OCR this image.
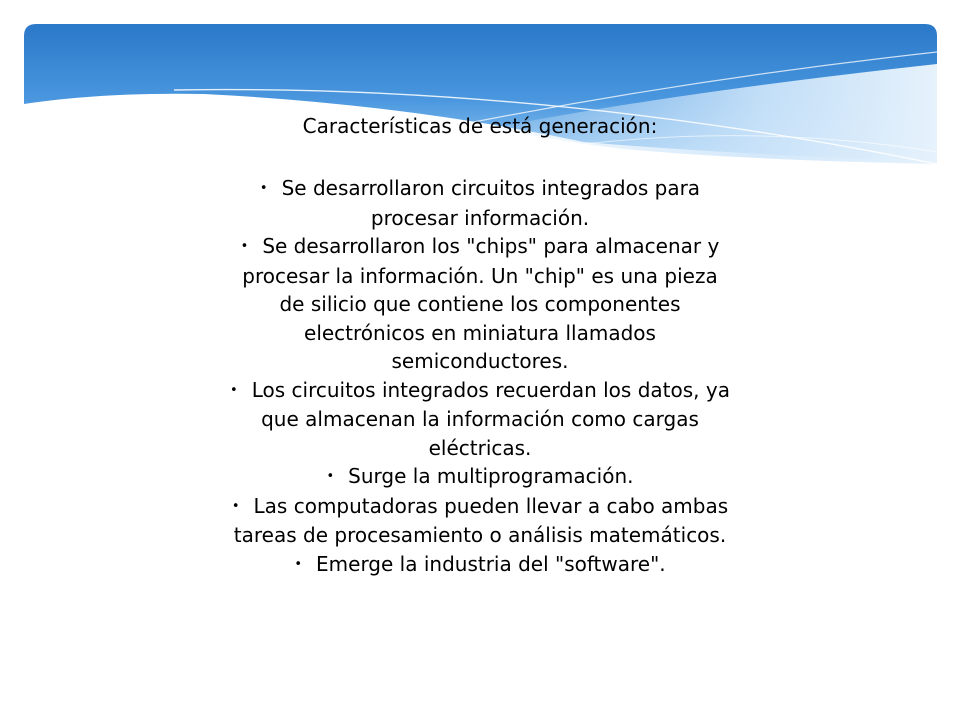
Características de está generación:

• Se desarrollaron circuitos integrados para procesar información.
• Se desarrollaron los "chips" para almacenar y procesar la información. Un "chip" es una pieza de silicio que contiene los componentes electrónicos en miniatura llamados semiconductores.
• Los circuitos integrados recuerdan los datos, ya que almacenan la información como cargas eléctricas.
• Surge la multiprogramación.
• Las computadoras pueden llevar a cabo ambas tareas de procesamiento o análisis matemáticos.
• Emerge la industria del "software".
